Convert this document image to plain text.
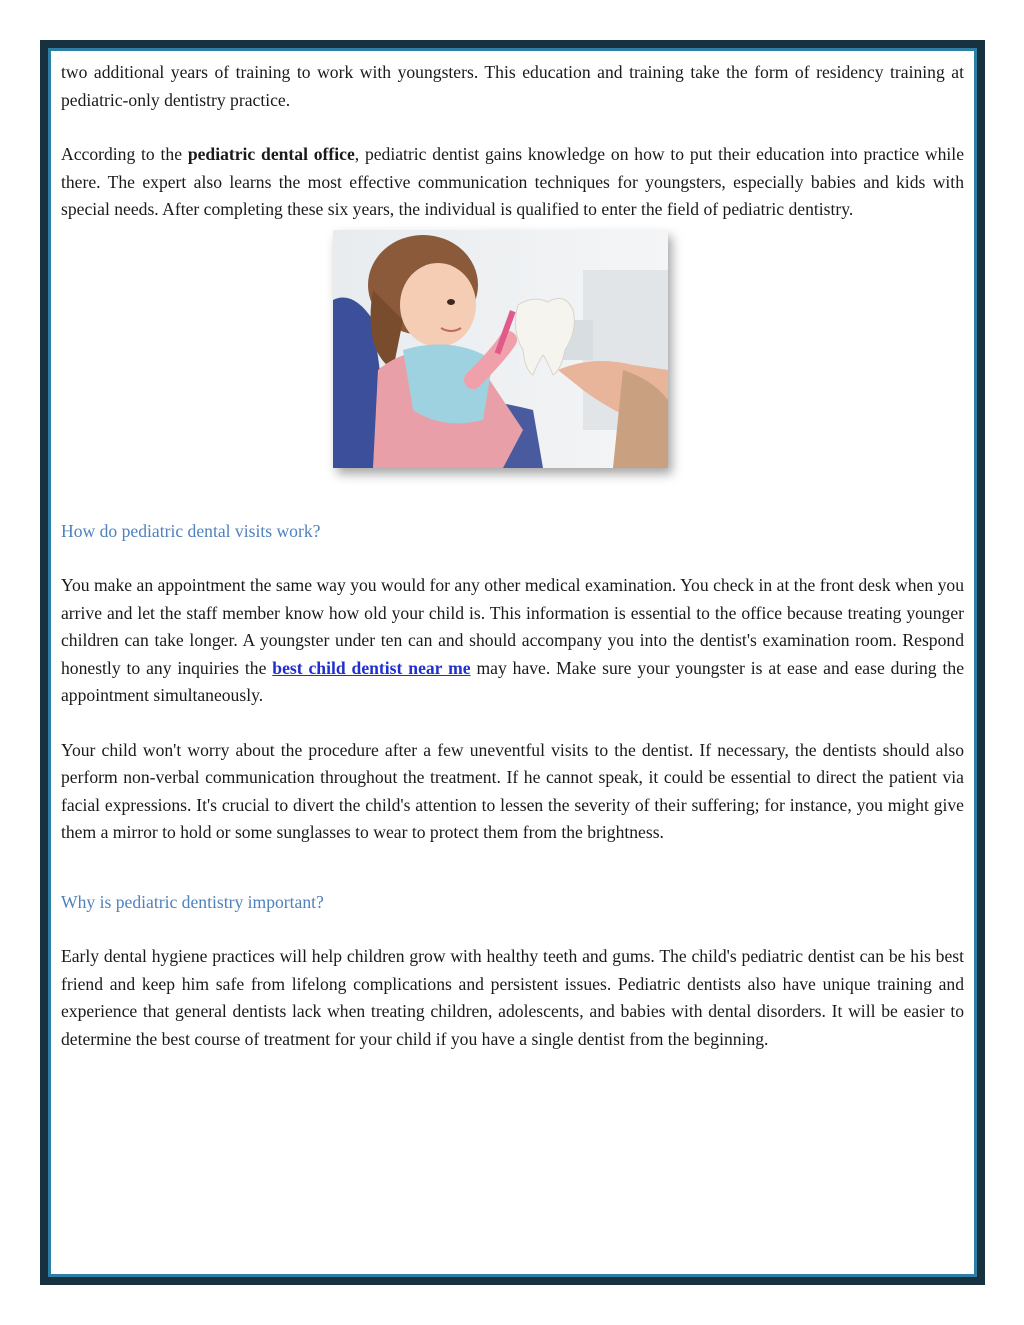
two additional years of training to work with youngsters. This education and training take the form of residency training at pediatric-only dentistry practice.

According to the pediatric dental office, pediatric dentist gains knowledge on how to put their education into practice while there. The expert also learns the most effective communication techniques for youngsters, especially babies and kids with special needs. After completing these six years, the individual is qualified to enter the field of pediatric dentistry.

How do pediatric dental visits work?

You make an appointment the same way you would for any other medical examination. You check in at the front desk when you arrive and let the staff member know how old your child is. This information is essential to the office because treating younger children can take longer. A youngster under ten can and should accompany you into the dentist's examination room. Respond honestly to any inquiries the best child dentist near me may have. Make sure your youngster is at ease and ease during the appointment simultaneously.

Your child won't worry about the procedure after a few uneventful visits to the dentist. If necessary, the dentists should also perform non-verbal communication throughout the treatment. If he cannot speak, it could be essential to direct the patient via facial expressions. It's crucial to divert the child's attention to lessen the severity of their suffering; for instance, you might give them a mirror to hold or some sunglasses to wear to protect them from the brightness.

Why is pediatric dentistry important?

Early dental hygiene practices will help children grow with healthy teeth and gums. The child's pediatric dentist can be his best friend and keep him safe from lifelong complications and persistent issues. Pediatric dentists also have unique training and experience that general dentists lack when treating children, adolescents, and babies with dental disorders. It will be easier to determine the best course of treatment for your child if you have a single dentist from the beginning.
